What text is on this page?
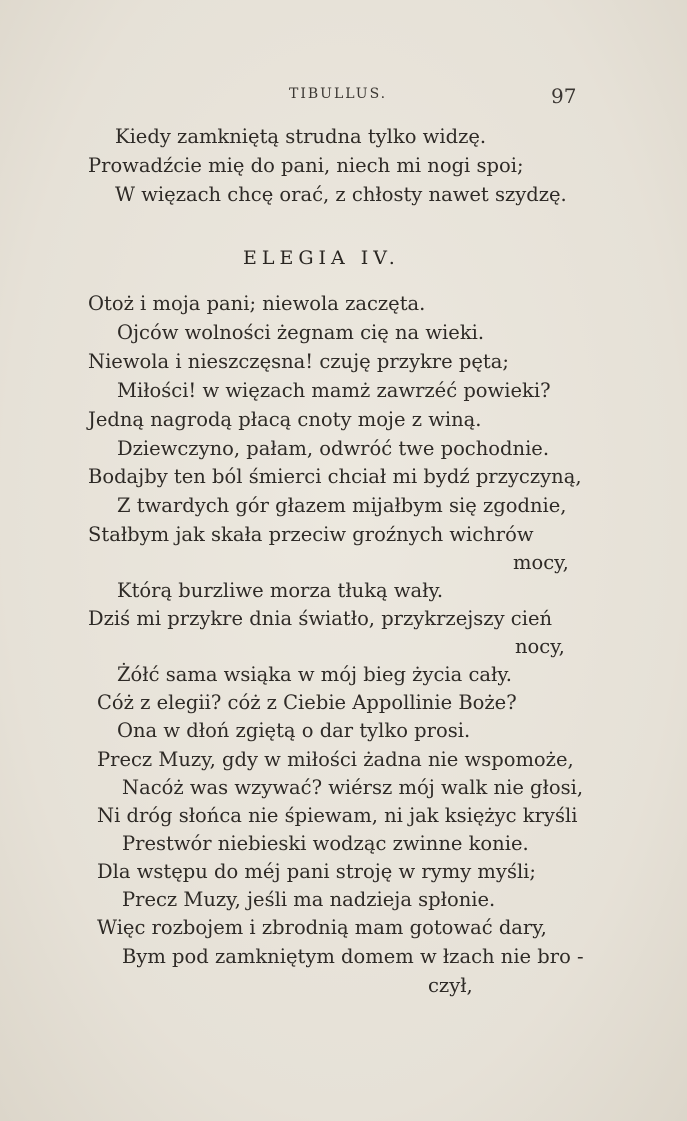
TIBULLUS.	97
Kiedy zamkniętą strudna tylko widzę.
Prowadźcie mię do pani, niech mi nogi spoi;
W więzach chcę orać, z chłosty nawet szydzę.
ELEGIA IV.
Otoż i moja pani; niewola zaczęta.
Ojców wolności żegnam cię na wieki.
Niewola i nieszczęsna! czuję przykre pęta;
Miłości! w więzach mamż zawrzéć powieki?
Jedną nagrodą płacą cnoty moje z winą.
Dziewczyno, pałam, odwróć twe pochodnie.
Bodajby ten ból śmierci chciał mi bydź przyczyną,
Z twardych gór głazem mijałbym się zgodnie,
Stałbym jak skała przeciw groźnych wichrów
mocy,
Którą burzliwe morza tłuką wały.
Dziś mi przykre dnia światło, przykrzejszy cień
nocy,
Żółć sama wsiąka w mój bieg życia cały.
Cóż z elegii? cóż z Ciebie Appollinie Boże?
Ona w dłoń zgiętą o dar tylko prosi.
Precz Muzy, gdy w miłości żadna nie wspomoże,
Nacóż was wzywać? wiérsz mój walk nie głosi,
Ni dróg słońca nie śpiewam, ni jak księżyc kryśli
Prestwór niebieski wodząc zwinne konie.
Dla wstępu do méj pani stroję w rymy myśli;
Precz Muzy, jeśli ma nadzieja spłonie.
Więc rozbojem i zbrodnią mam gotować dary,
Bym pod zamkniętym domem w łzach nie bro -
czył,
